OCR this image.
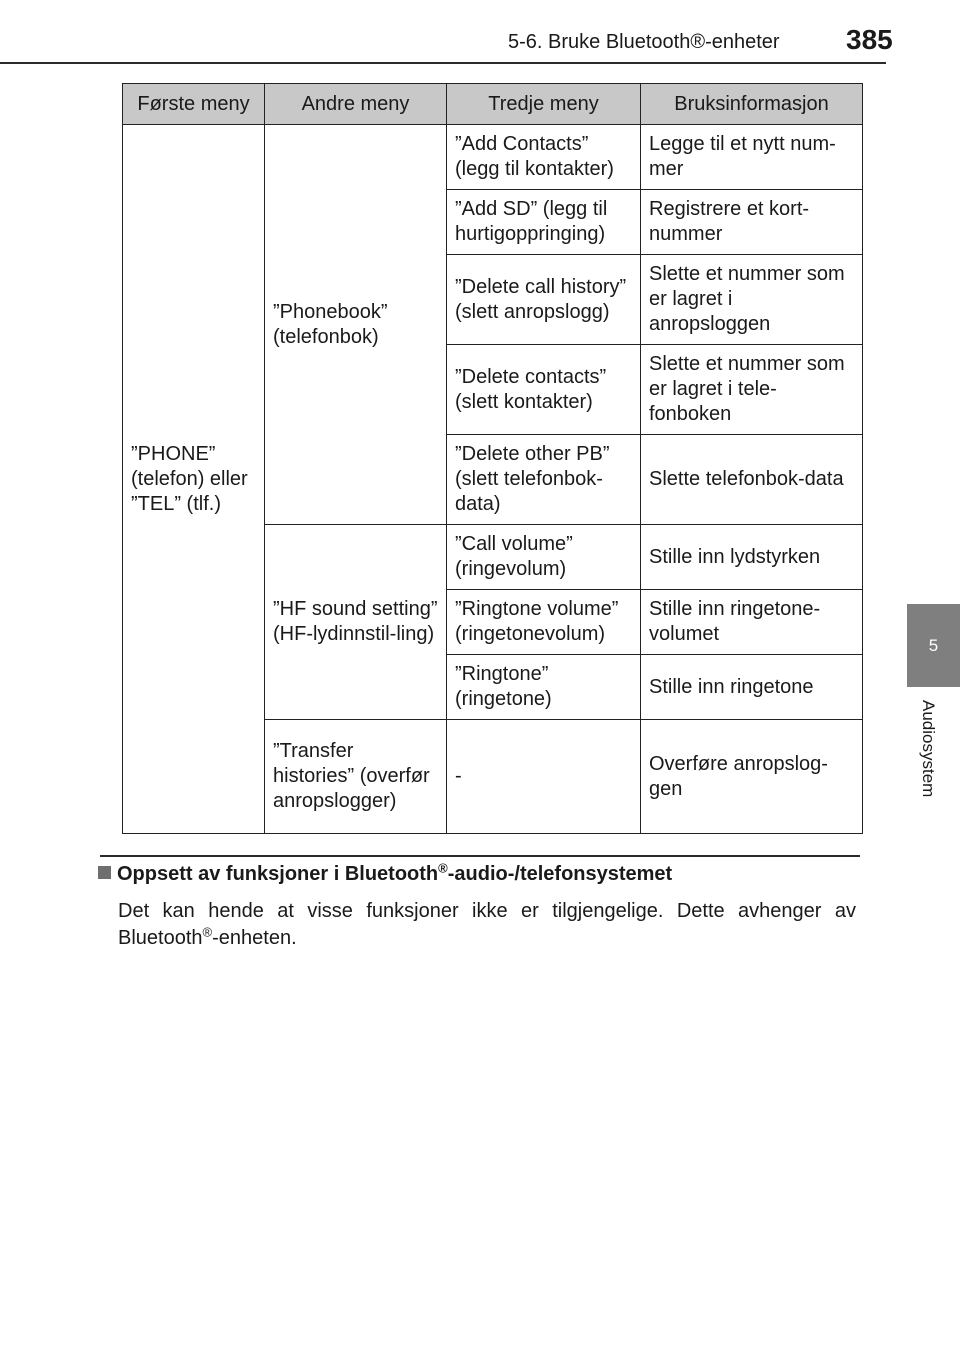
5-6. Bruke Bluetooth®-enheter 385
5
Audiosystem
Første meny	Andre meny	Tredje meny	Bruksinformasjon
”PHONE” (telefon) eller ”TEL” (tlf.)	”Phonebook” (telefonbok)	”Add Contacts” (legg til kontakter)	Legge til et nytt num-mer
		”Add SD” (legg til hurtigoppringing)	Registrere et kort-nummer
		”Delete call history” (slett anropslogg)	Slette et nummer som er lagret i anropsloggen
		”Delete contacts” (slett kontakter)	Slette et nummer som er lagret i tele-fonboken
		”Delete other PB” (slett telefonbok-data)	Slette telefonbok-data
	”HF sound setting” (HF-lydinnstil-ling)	”Call volume” (ringevolum)	Stille inn lydstyrken
		”Ringtone volume” (ringetonevolum)	Stille inn ringetone-volumet
		”Ringtone” (ringetone)	Stille inn ringetone
	”Transfer histories” (overfør anropslogger)	-	Overføre anropslog-gen
Oppsett av funksjoner i Bluetooth®-audio-/telefonsystemet
Det kan hende at visse funksjoner ikke er tilgjengelige. Dette avhenger av Bluetooth®-enheten.
